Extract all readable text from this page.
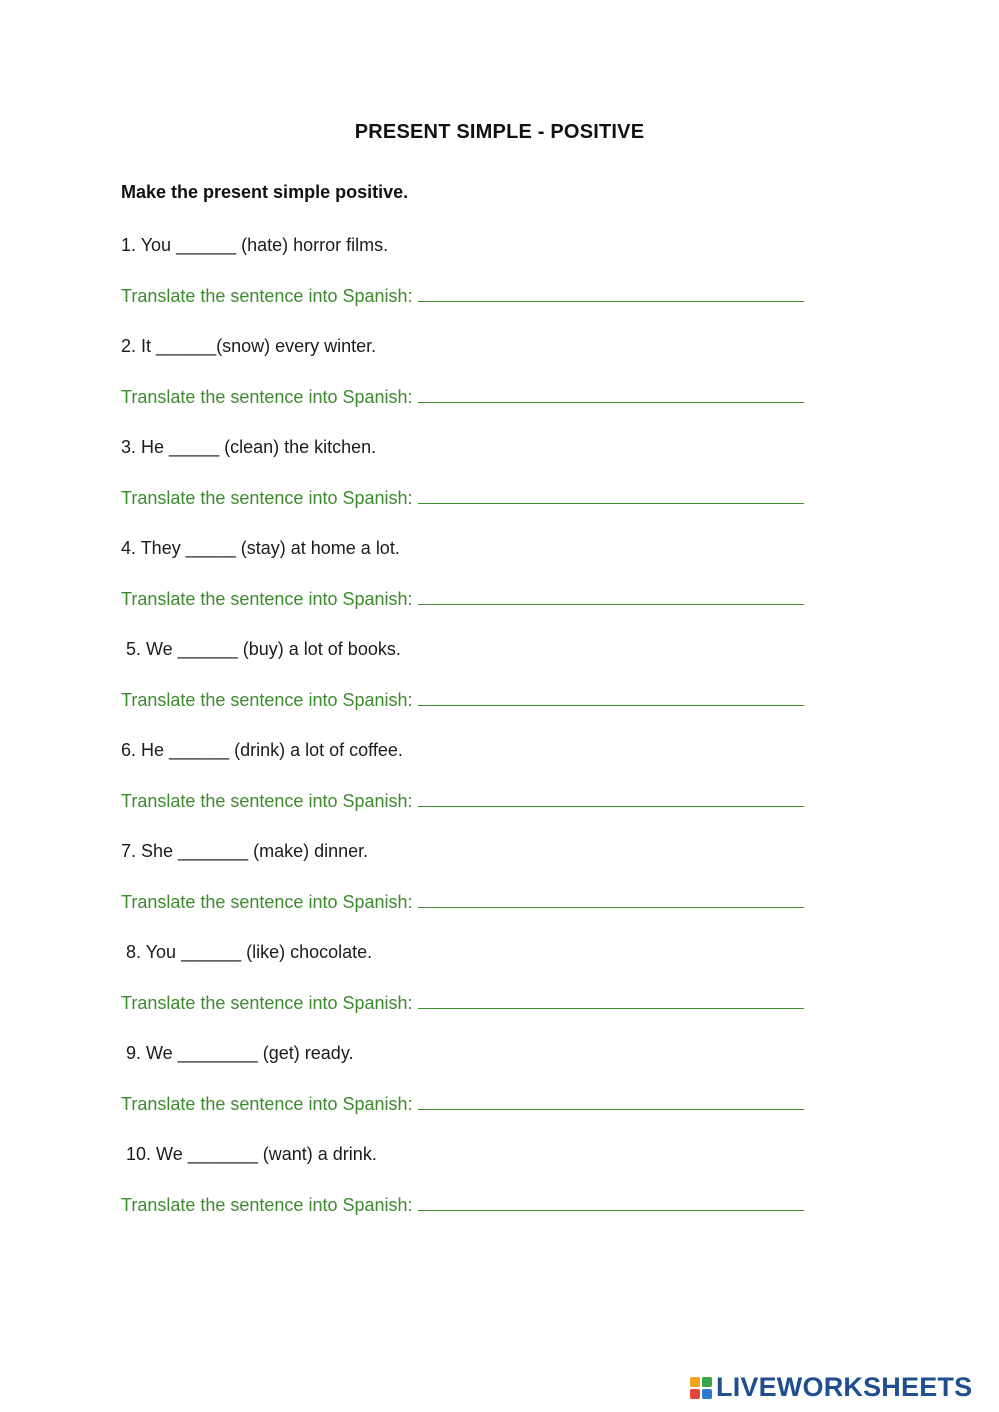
PRESENT SIMPLE - POSITIVE
Make the present simple positive.
1. You ______ (hate) horror films.
Translate the sentence into Spanish:
2. It ______(snow) every winter.
Translate the sentence into Spanish:
3. He _____ (clean) the kitchen.
Translate the sentence into Spanish:
4. They _____ (stay) at home a lot.
Translate the sentence into Spanish:
5. We ______ (buy) a lot of books.
Translate the sentence into Spanish:
6. He ______ (drink) a lot of coffee.
Translate the sentence into Spanish:
7. She _______ (make) dinner.
Translate the sentence into Spanish:
8. You ______ (like) chocolate.
Translate the sentence into Spanish:
9. We ________ (get) ready.
Translate the sentence into Spanish:
10. We _______ (want) a drink.
Translate the sentence into Spanish:
LIVEWORKSHEETS
